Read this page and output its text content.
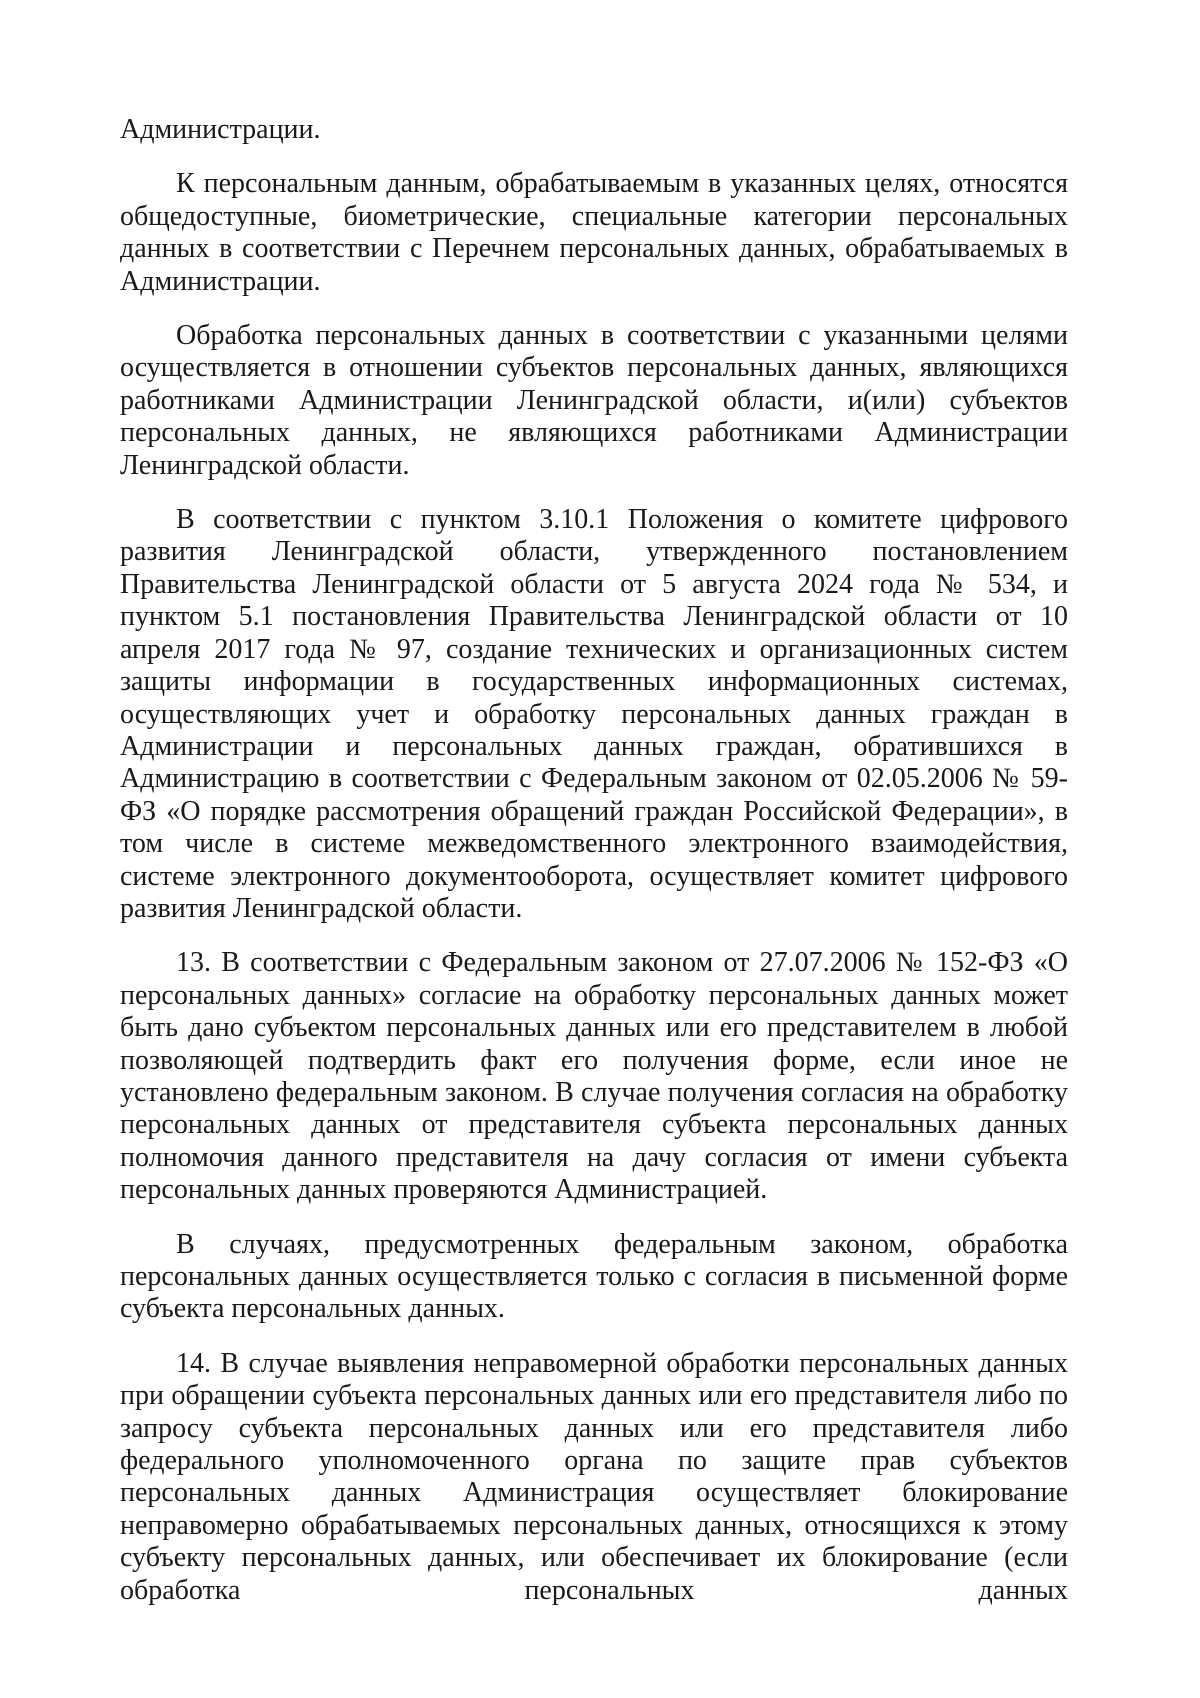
Администрации.

К персональным данным, обрабатываемым в указанных целях, относятся общедоступные, биометрические, специальные категории персональных данных в соответствии с Перечнем персональных данных, обрабатываемых в Администрации.

Обработка персональных данных в соответствии с указанными целями осуществляется в отношении субъектов персональных данных, являющихся работниками Администрации Ленинградской области, и(или) субъектов персональных данных, не являющихся работниками Администрации Ленинградской области.

В соответствии с пунктом 3.10.1 Положения о комитете цифрового развития Ленинградской области, утвержденного постановлением Правительства Ленинградской области от 5 августа 2024 года № 534, и пунктом 5.1 постановления Правительства Ленинградской области от 10 апреля 2017 года № 97, создание технических и организационных систем защиты информации в государственных информационных системах, осуществляющих учет и обработку персональных данных граждан в Администрации и персональных данных граждан, обратившихся в Администрацию в соответствии с Федеральным законом от 02.05.2006 № 59-ФЗ «О порядке рассмотрения обращений граждан Российской Федерации», в том числе в системе межведомственного электронного взаимодействия, системе электронного документооборота, осуществляет комитет цифрового развития Ленинградской области.

13. В соответствии с Федеральным законом от 27.07.2006 № 152-ФЗ «О персональных данных» согласие на обработку персональных данных может быть дано субъектом персональных данных или его представителем в любой позволяющей подтвердить факт его получения форме, если иное не установлено федеральным законом. В случае получения согласия на обработку персональных данных от представителя субъекта персональных данных полномочия данного представителя на дачу согласия от имени субъекта персональных данных проверяются Администрацией.

В случаях, предусмотренных федеральным законом, обработка персональных данных осуществляется только с согласия в письменной форме субъекта персональных данных.

14. В случае выявления неправомерной обработки персональных данных при обращении субъекта персональных данных или его представителя либо по запросу субъекта персональных данных или его представителя либо федерального уполномоченного органа по защите прав субъектов персональных данных Администрация осуществляет блокирование неправомерно обрабатываемых персональных данных, относящихся к этому субъекту персональных данных, или обеспечивает их блокирование (если обработка персональных данных
